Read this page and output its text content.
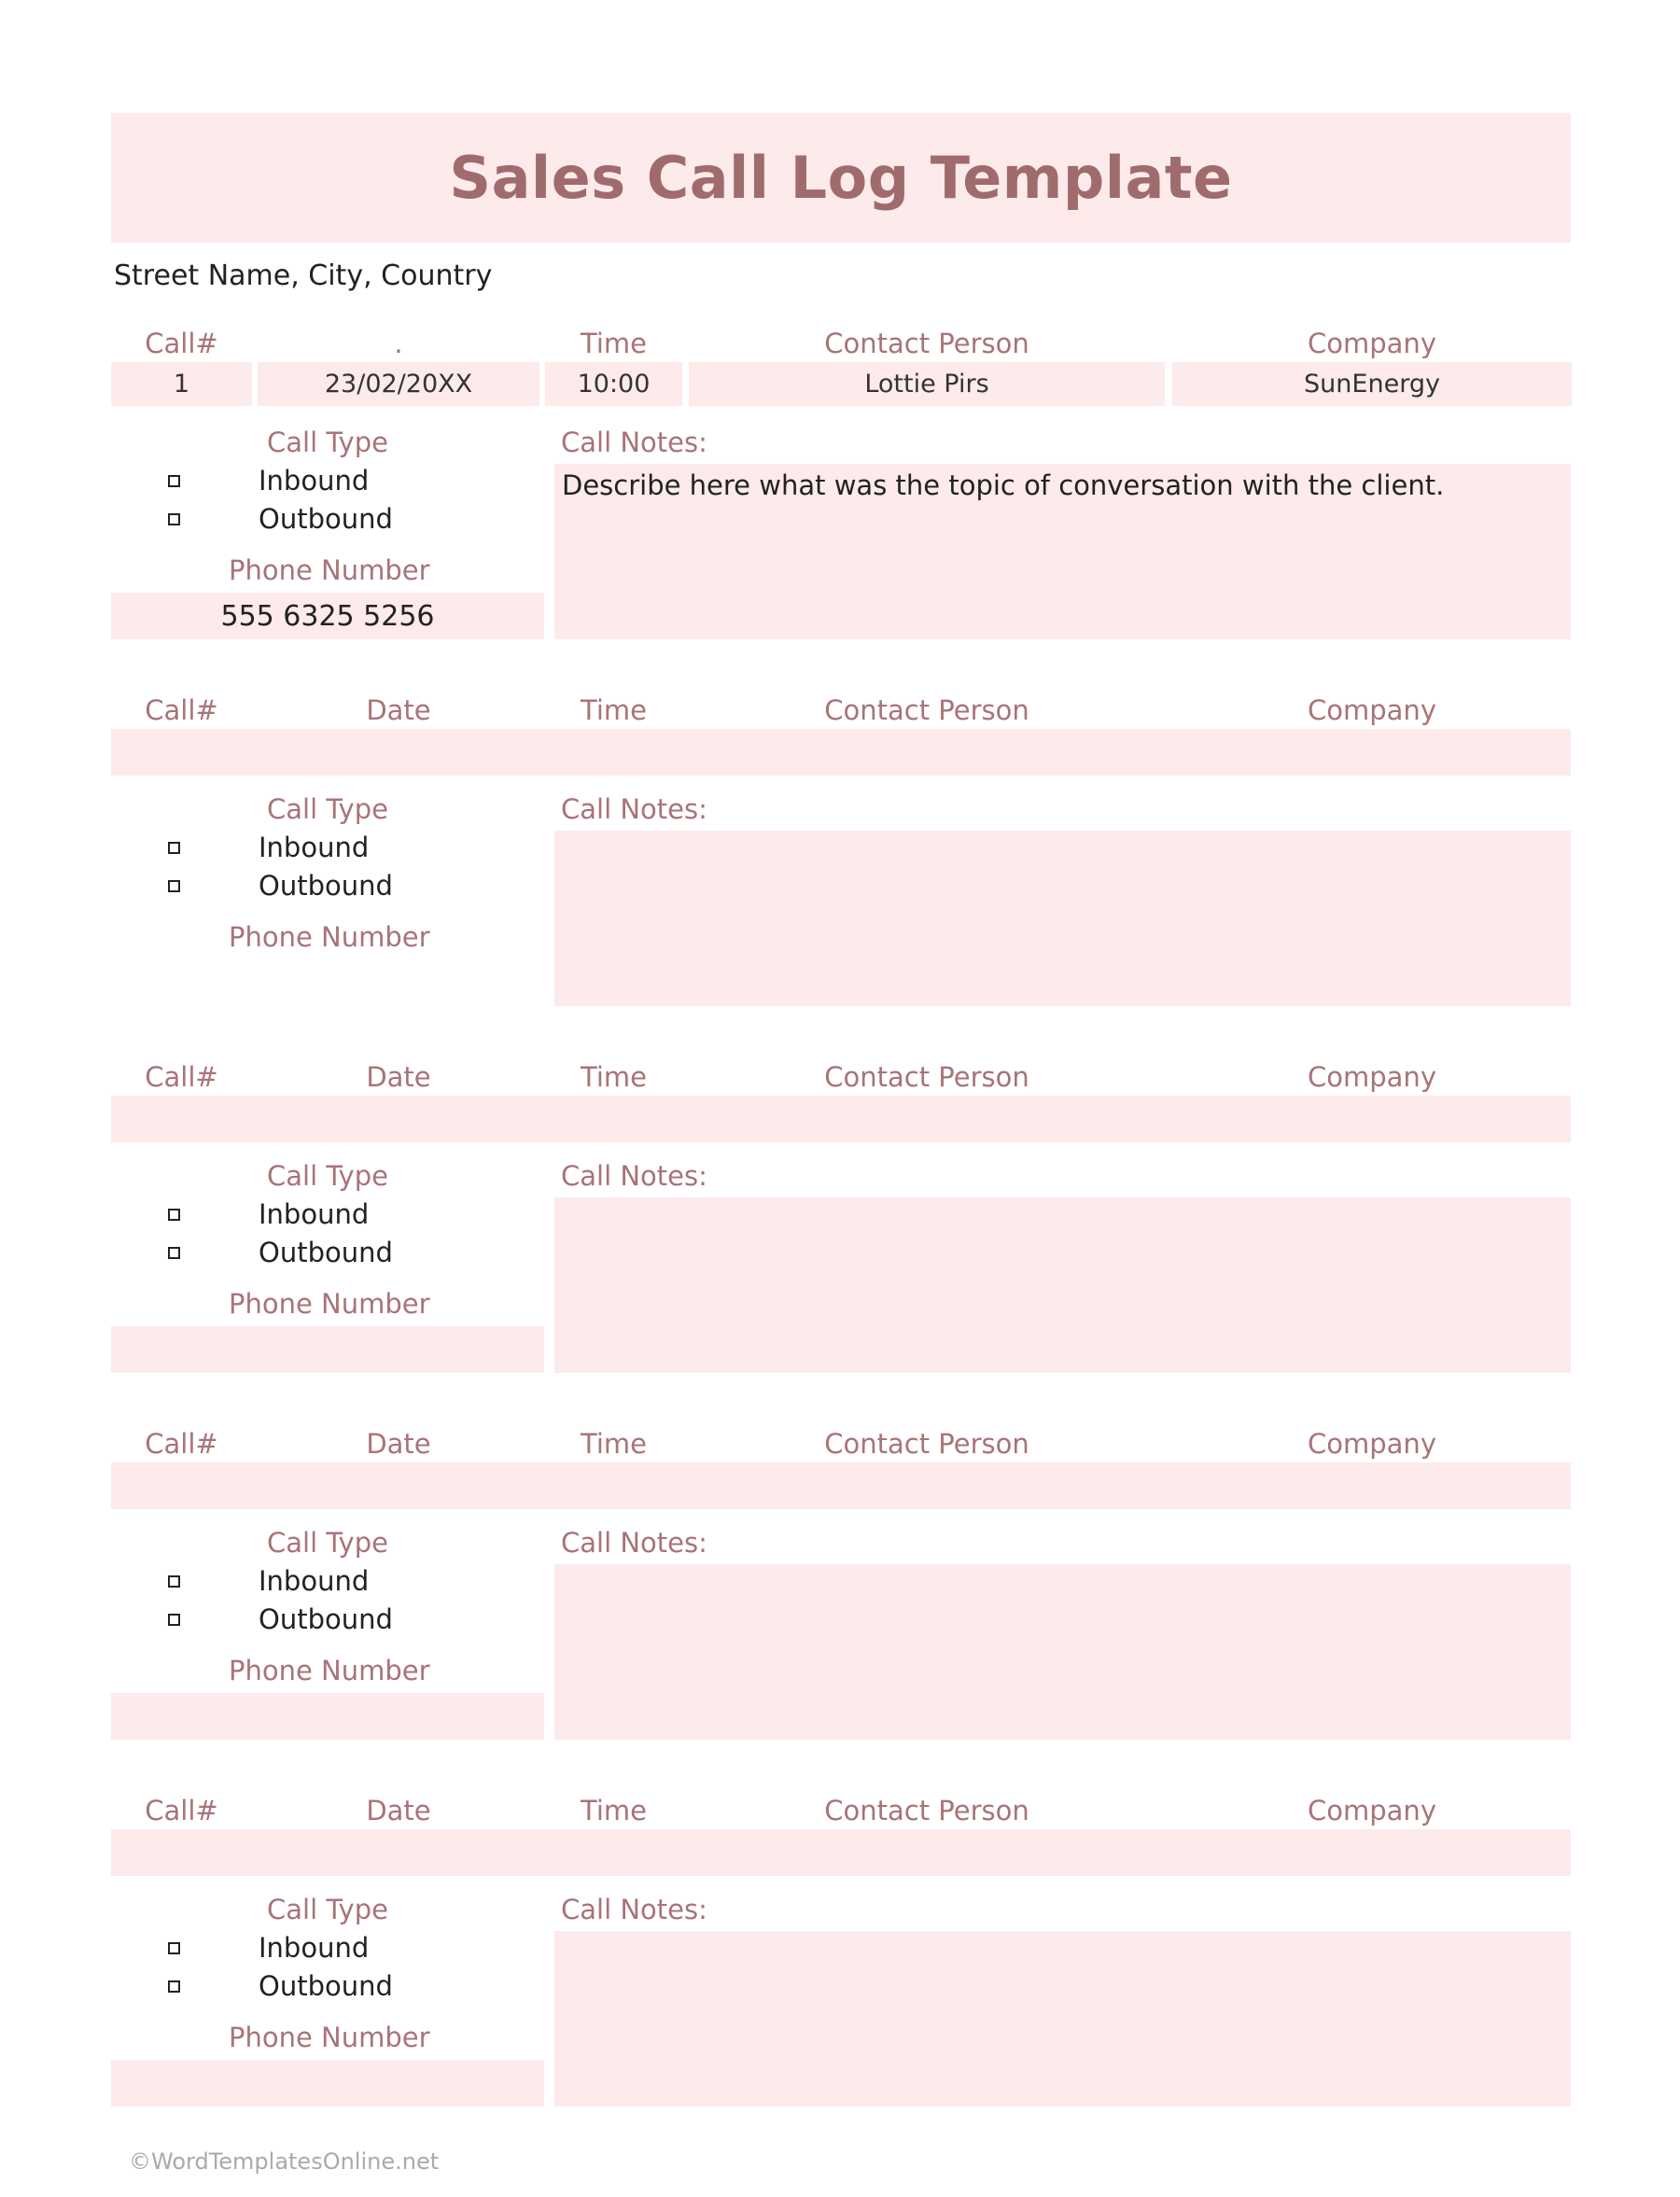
Sales Call Log Template
Street Name, City, Country
Call#	.	Time	Contact Person	Company
1	23/02/20XX	10:00	Lottie Pirs	SunEnergy
Call Type
Inbound
Outbound
Phone Number
555 6325 5256
Call Notes:
Describe here what was the topic of conversation with the client.
Call#	Date	Time	Contact Person	Company
Call Type
Inbound
Outbound
Phone Number
Call Notes:
Call#	Date	Time	Contact Person	Company
Call Type
Inbound
Outbound
Phone Number
Call Notes:
Call#	Date	Time	Contact Person	Company
Call Type
Inbound
Outbound
Phone Number
Call Notes:
Call#	Date	Time	Contact Person	Company
Call Type
Inbound
Outbound
Phone Number
Call Notes:
©WordTemplatesOnline.net
